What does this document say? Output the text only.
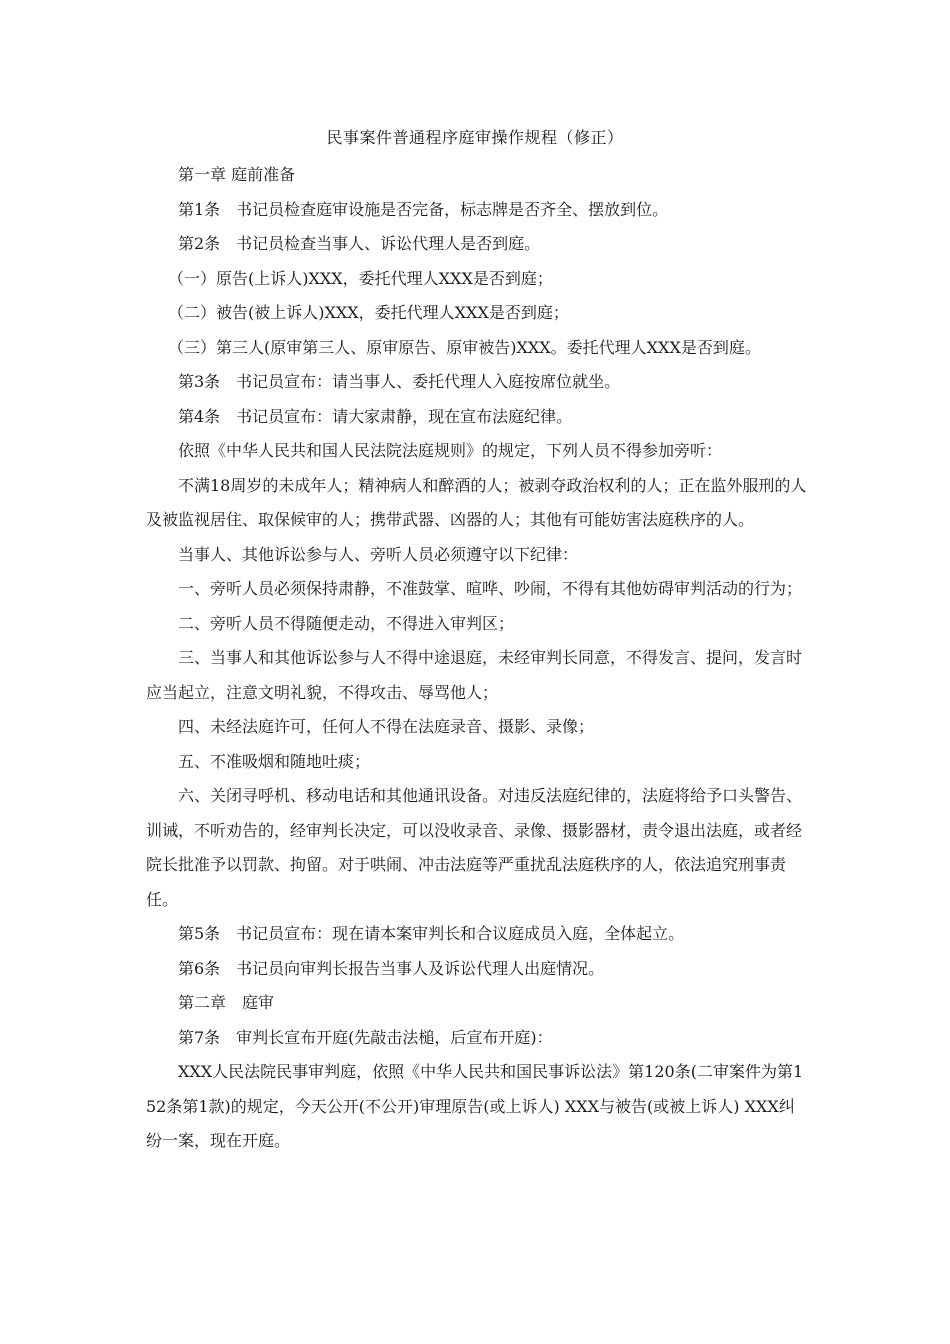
民事案件普通程序庭审操作规程（修正）

第一章 庭前准备

第1条　书记员检查庭审设施是否完备，标志牌是否齐全、摆放到位。

第2条　书记员检查当事人、诉讼代理人是否到庭。

（一）原告(上诉人)XXX，委托代理人XXX是否到庭；

（二）被告(被上诉人)XXX，委托代理人XXX是否到庭；

（三）第三人(原审第三人、原审原告、原审被告)XXX。委托代理人XXX是否到庭。

第3条　书记员宣布：请当事人、委托代理人入庭按席位就坐。

第4条　书记员宣布：请大家肃静，现在宣布法庭纪律。

依照《中华人民共和国人民法院法庭规则》的规定，下列人员不得参加旁听：

不满18周岁的未成年人；精神病人和醉酒的人；被剥夺政治权利的人；正在监外服刑的人及被监视居住、取保候审的人；携带武器、凶器的人；其他有可能妨害法庭秩序的人。

当事人、其他诉讼参与人、旁听人员必须遵守以下纪律：

一、旁听人员必须保持肃静，不准鼓掌、喧哗、吵闹，不得有其他妨碍审判活动的行为；

二、旁听人员不得随便走动，不得进入审判区；

三、当事人和其他诉讼参与人不得中途退庭，未经审判长同意，不得发言、提问，发言时应当起立，注意文明礼貌，不得攻击、辱骂他人；

四、未经法庭许可，任何人不得在法庭录音、摄影、录像；

五、不准吸烟和随地吐痰；

六、关闭寻呼机、移动电话和其他通讯设备。对违反法庭纪律的，法庭将给予口头警告、训诫，不听劝告的，经审判长决定，可以没收录音、录像、摄影器材，责令退出法庭，或者经院长批准予以罚款、拘留。对于哄闹、冲击法庭等严重扰乱法庭秩序的人，依法追究刑事责任。

第5条　书记员宣布：现在请本案审判长和合议庭成员入庭，全体起立。

第6条　书记员向审判长报告当事人及诉讼代理人出庭情况。

第二章　庭审

第7条　审判长宣布开庭(先敲击法槌，后宣布开庭)：

XXX人民法院民事审判庭，依照《中华人民共和国民事诉讼法》第120条(二审案件为第152条第1款)的规定，今天公开(不公开)审理原告(或上诉人) XXX与被告(或被上诉人) XXX纠纷一案，现在开庭。
